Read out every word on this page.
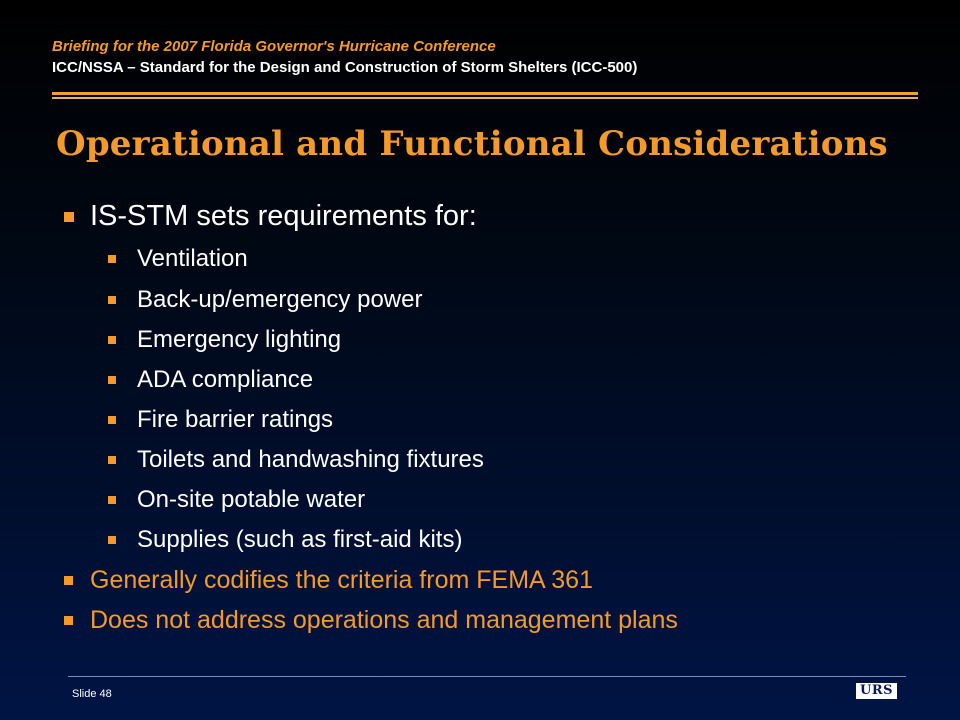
Briefing for the 2007 Florida Governor's Hurricane Conference
ICC/NSSA – Standard for the Design and Construction of Storm Shelters (ICC-500)
Operational and Functional Considerations
IS-STM sets requirements for:
Ventilation
Back-up/emergency power
Emergency lighting
ADA compliance
Fire barrier ratings
Toilets and handwashing fixtures
On-site potable water
Supplies (such as first-aid kits)
Generally codifies the criteria from FEMA 361
Does not address operations and management plans
Slide 48	URS
